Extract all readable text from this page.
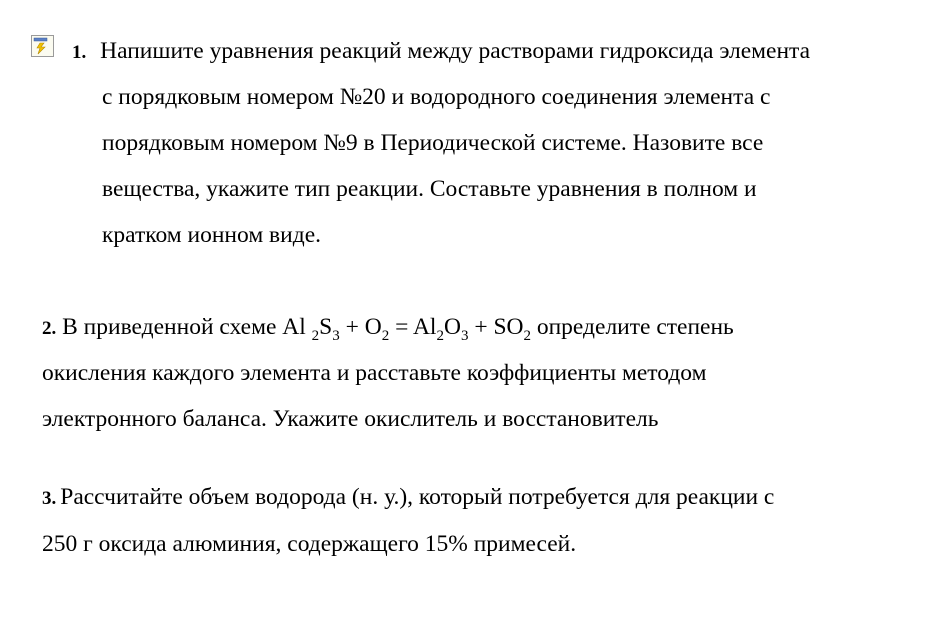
1. Напишите уравнения реакций между растворами гидроксида элемента
с порядковым номером №20 и водородного соединения элемента с
порядковым номером №9 в Периодической системе. Назовите все
вещества, укажите тип реакции. Составьте уравнения в полном и
кратком ионном виде.
2. В приведенной схеме Al $_2S_3 + O_2 = Al_2O_3 + SO_2$ определите степень
окисления каждого элемента и расставьте коэффициенты методом
электронного баланса. Укажите окислитель и восстановитель
3. Рассчитайте объем водорода (н. у.), который потребуется для реакции с
250 г оксида алюминия, содержащего 15% примесей.
